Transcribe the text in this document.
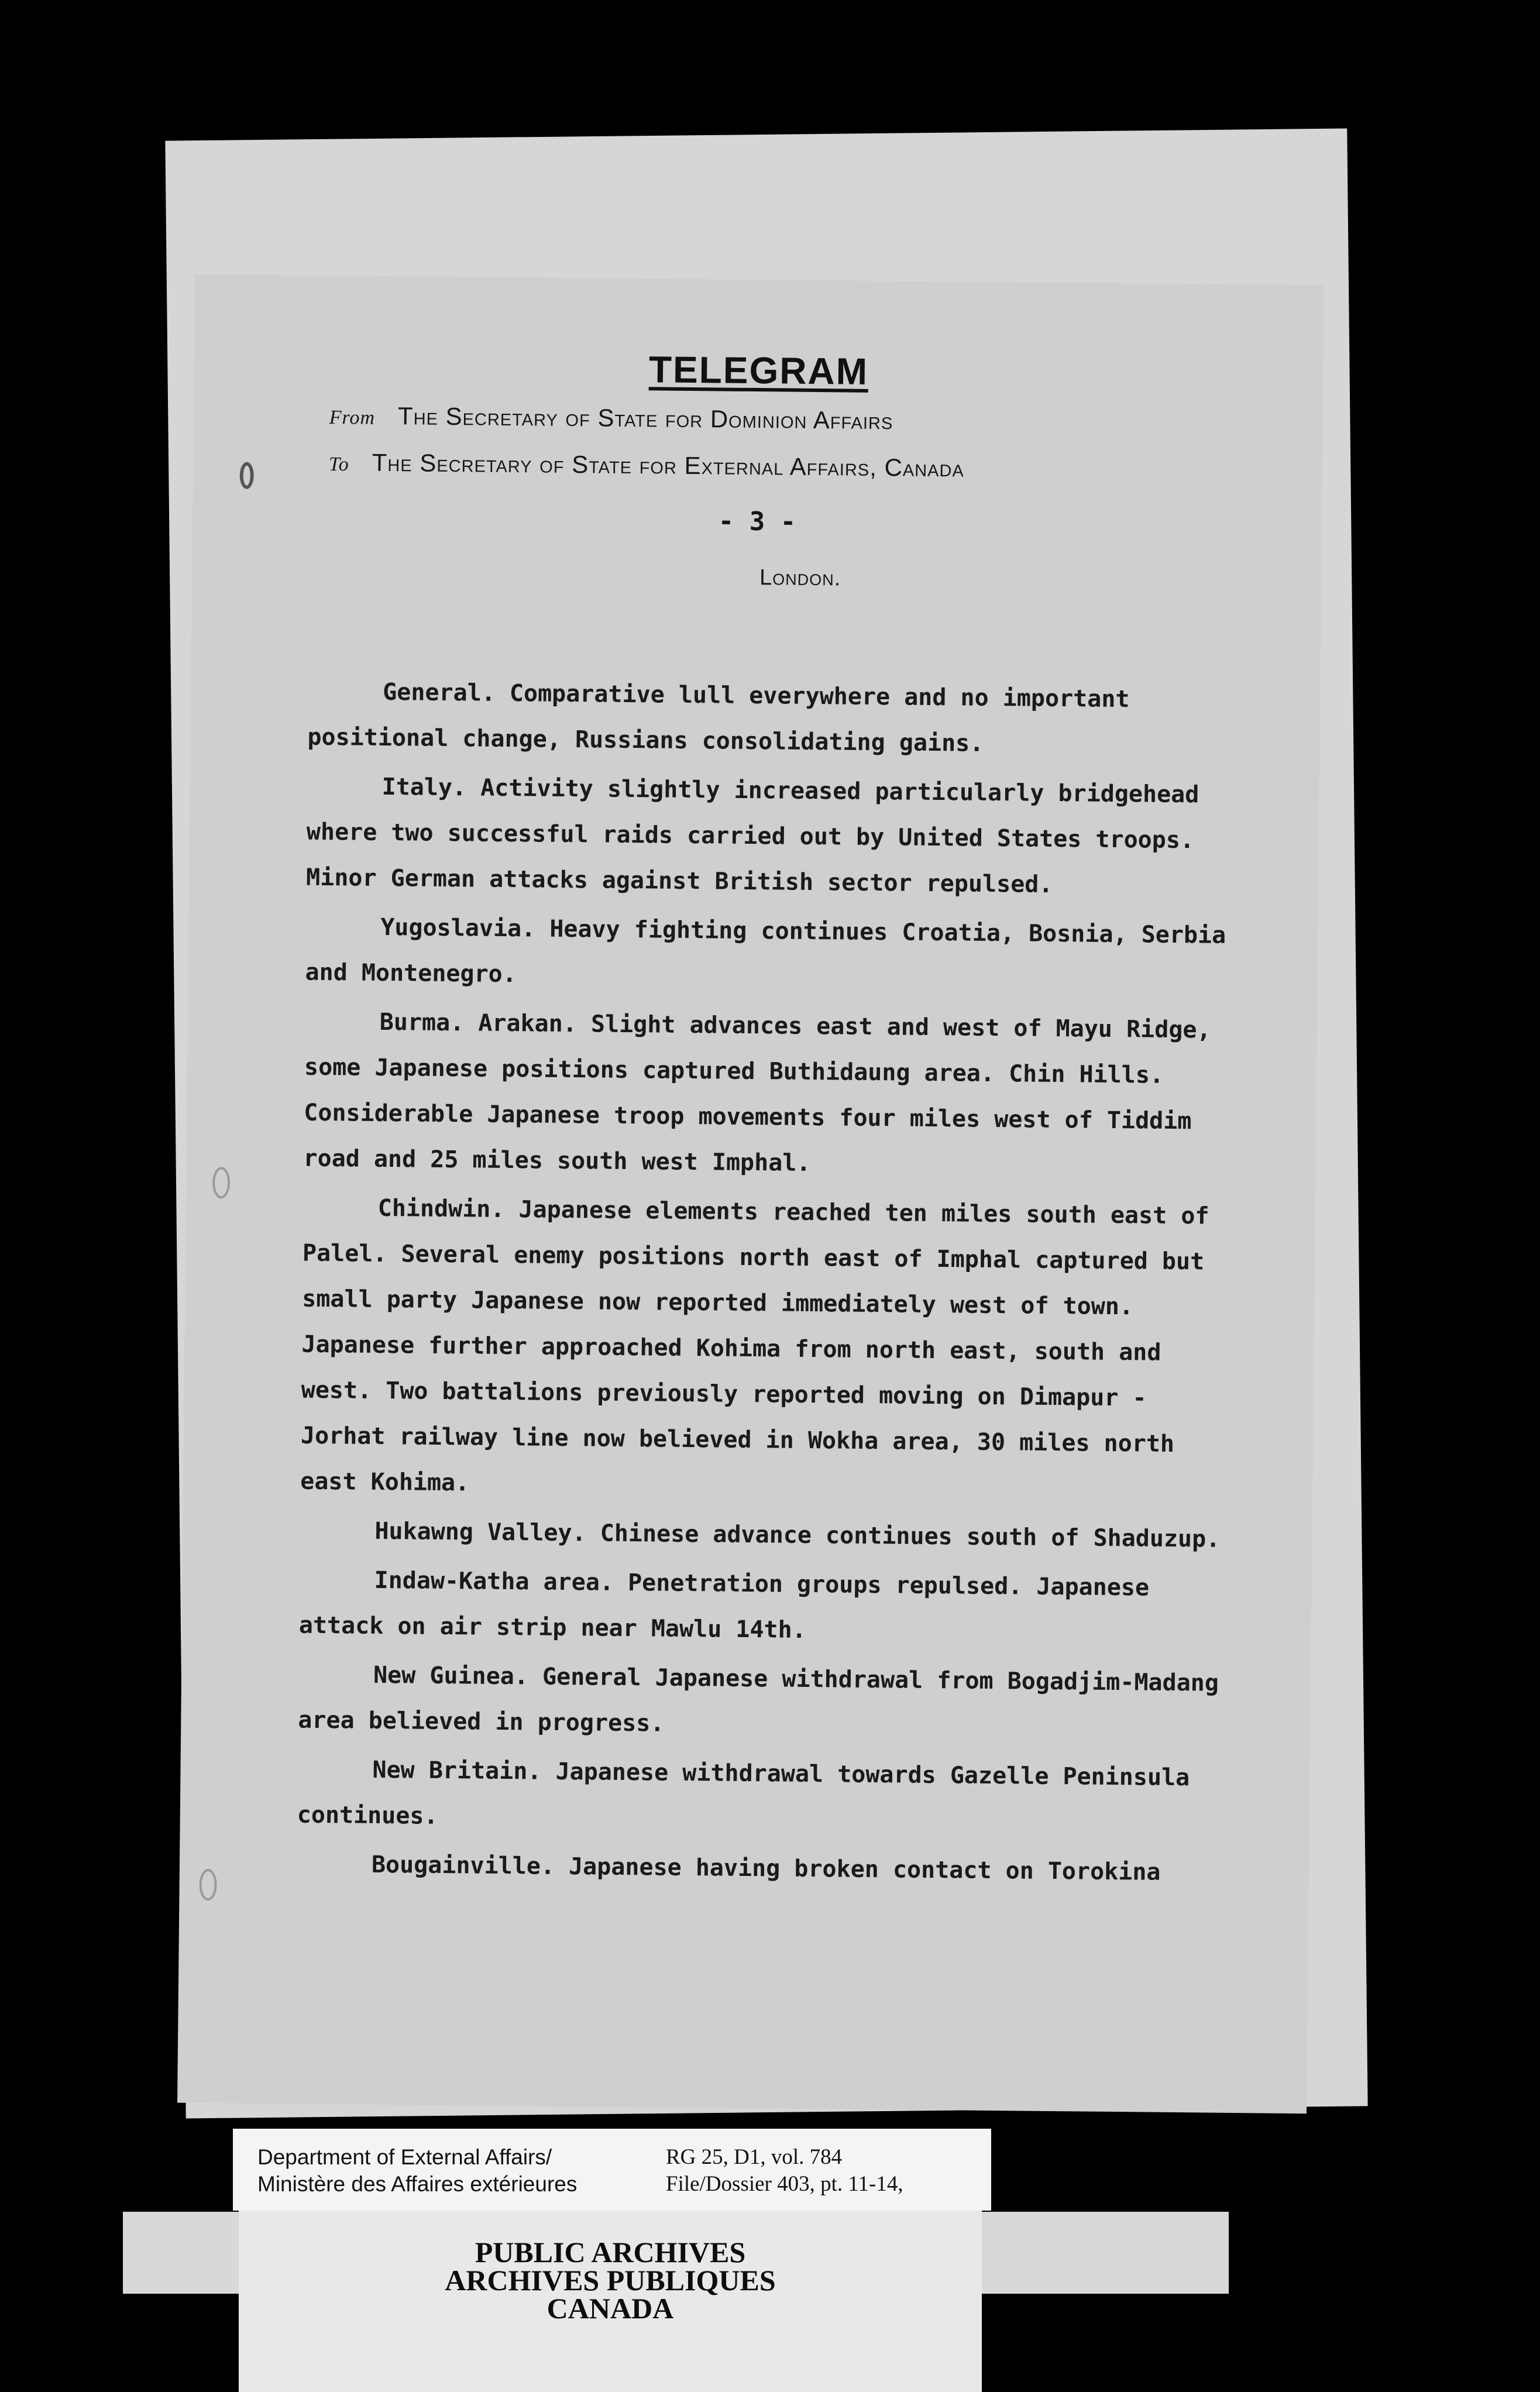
TELEGRAM
From The Secretary of State for Dominion Affairs
To The Secretary of State for External Affairs, Canada
- 3 -
London.

General. Comparative lull everywhere and no important positional change, Russians consolidating gains.

Italy. Activity slightly increased particularly bridgehead where two successful raids carried out by United States troops. Minor German attacks against British sector repulsed.

Yugoslavia. Heavy fighting continues Croatia, Bosnia, Serbia and Montenegro.

Burma. Arakan. Slight advances east and west of Mayu Ridge, some Japanese positions captured Buthidaung area. Chin Hills. Considerable Japanese troop movements four miles west of Tiddim road and 25 miles south west Imphal.

Chindwin. Japanese elements reached ten miles south east of Palel. Several enemy positions north east of Imphal captured but small party Japanese now reported immediately west of town. Japanese further approached Kohima from north east, south and west. Two battalions previously reported moving on Dimapur - Jorhat railway line now believed in Wokha area, 30 miles north east Kohima.

Hukawng Valley. Chinese advance continues south of Shaduzup.

Indaw-Katha area. Penetration groups repulsed. Japanese attack on air strip near Mawlu 14th.

New Guinea. General Japanese withdrawal from Bogadjim-Madang area believed in progress.

New Britain. Japanese withdrawal towards Gazelle Peninsula continues.

Bougainville. Japanese having broken contact on Torokina

Department of External Affairs/
Ministère des Affaires extérieures
RG 25, D1, vol. 784
File/Dossier 403, pt. 11-14,
PUBLIC ARCHIVES
ARCHIVES PUBLIQUES
CANADA
